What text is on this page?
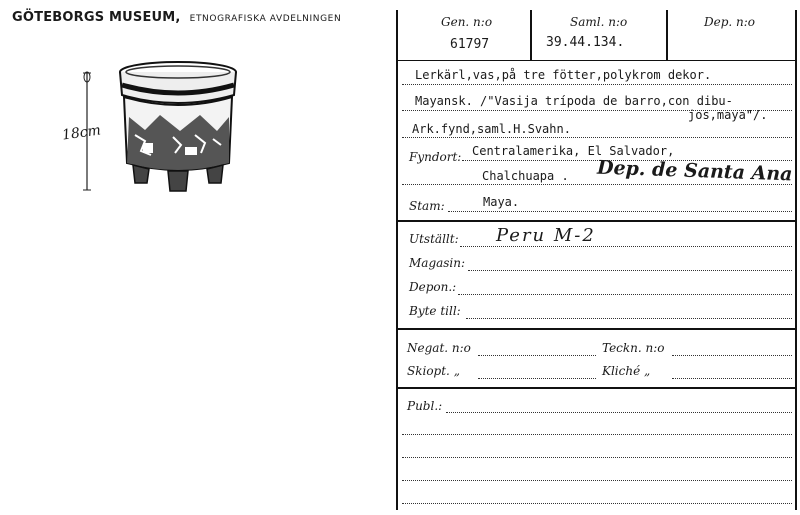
GÖTEBORGS MUSEUM, ETNOGRAFISKA AVDELNINGEN
18cm
Gen. n:o
61797
Saml. n:o
39.44.134.
Dep. n:o
Lerkärl,vas,på tre fötter,polykrom dekor.
Mayansk. /"Vasija trípoda de barro,con dibu-
jos,maya"/.
Ark.fynd,saml.H.Svahn.
Fyndort: Centralamerika, El Salvador,
Chalchuapa . Dep. de Santa Ana
Stam:	Maya.
Utställt: Peru M-2
Magasin:
Depon.:
Byte till:
Negat. n:o	Teckn. n:o
Skiopt. „	Kliché „
Publ.:
